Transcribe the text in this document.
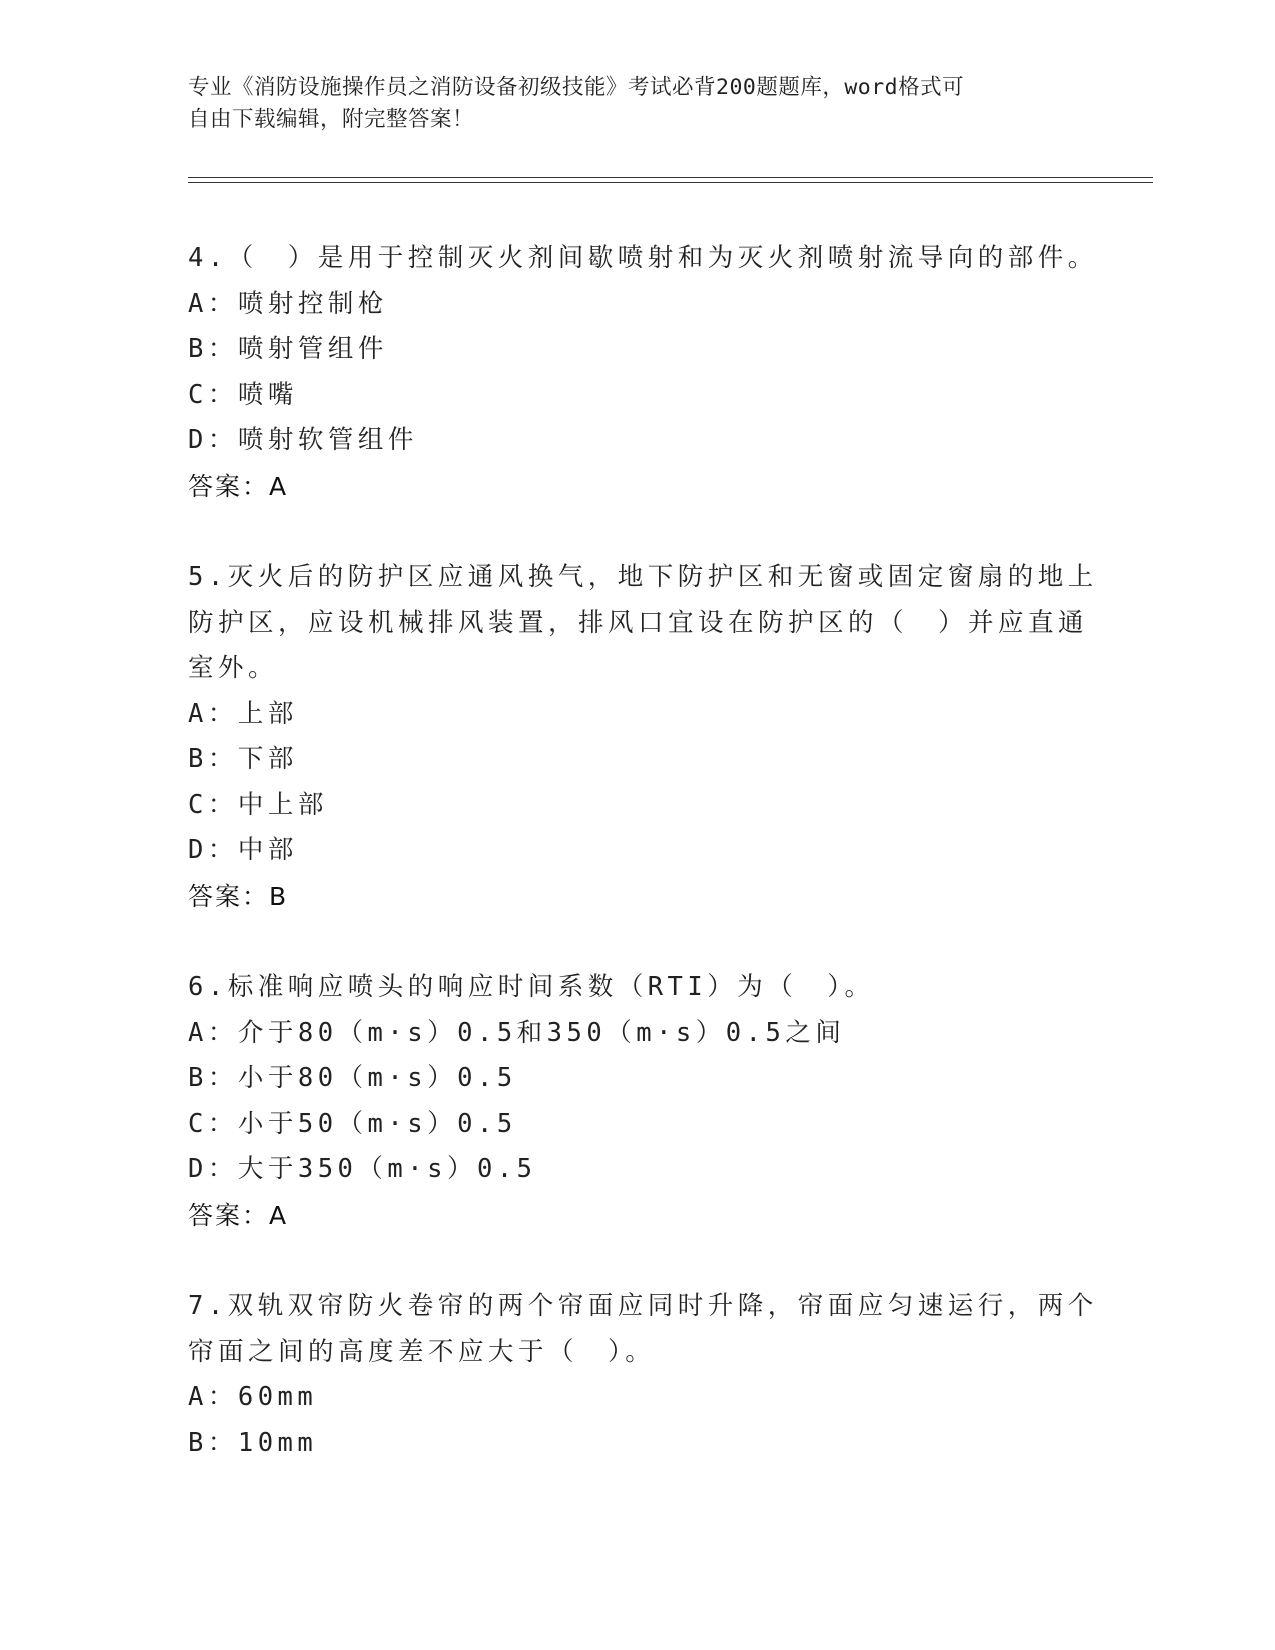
专业《消防设施操作员之消防设备初级技能》考试必背200题题库，word格式可

自由下载编辑，附完整答案！

4.（　）是用于控制灭火剂间歇喷射和为灭火剂喷射流导向的部件。
A：喷射控制枪
B：喷射管组件
C：喷嘴
D：喷射软管组件
答案：A
5.灭火后的防护区应通风换气，地下防护区和无窗或固定窗扇的地上
防护区，应设机械排风装置，排风口宜设在防护区的（　）并应直通
室外。
A：上部
B：下部
C：中上部
D：中部
答案：B
6.标准响应喷头的响应时间系数（RTI）为（　）。
A：介于80（m·s）0.5和350（m·s）0.5之间
B：小于80（m·s）0.5
C：小于50（m·s）0.5
D：大于350（m·s）0.5
答案：A
7.双轨双帘防火卷帘的两个帘面应同时升降，帘面应匀速运行，两个
帘面之间的高度差不应大于（　）。
A：60mm
B：10mm
